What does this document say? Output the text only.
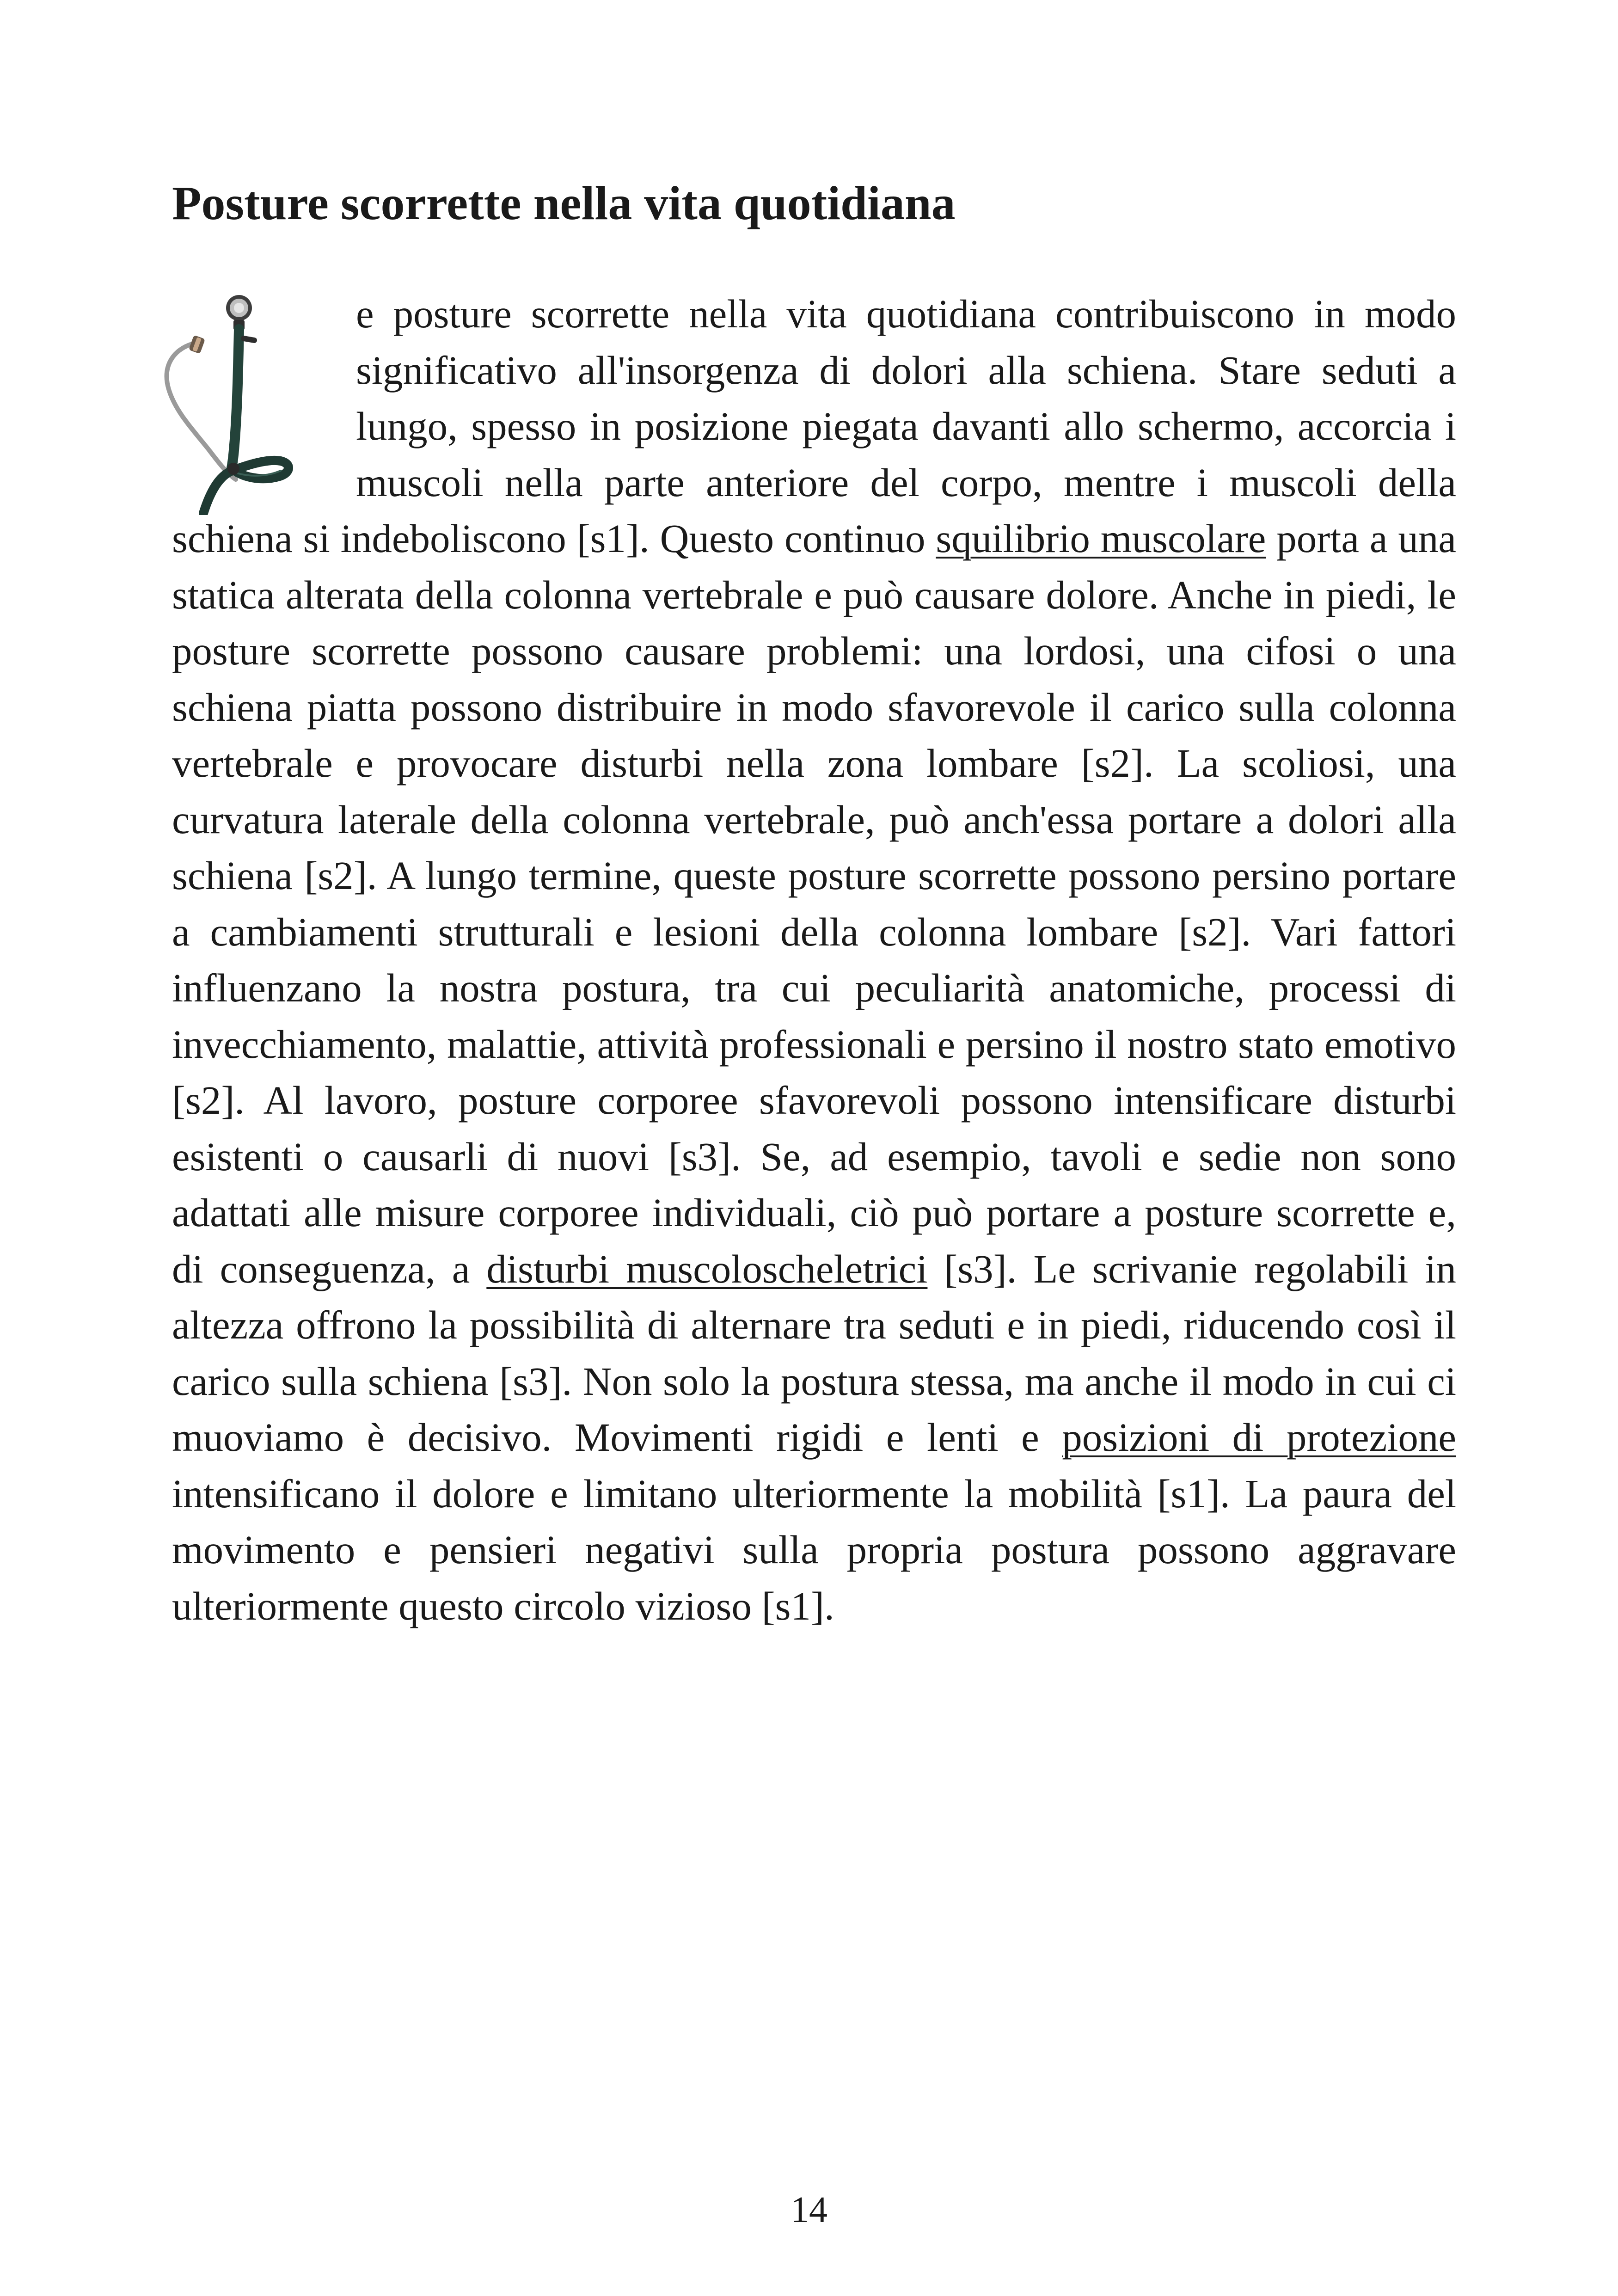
Posture scorrette nella vita quotidiana

e posture scorrette nella vita quotidiana contribuiscono in modo significativo all'insorgenza di dolori alla schiena. Stare seduti a lungo, spesso in posizione piegata davanti allo schermo, accorcia i muscoli nella parte anteriore del corpo, mentre i muscoli della schiena si indeboliscono [s1]. Questo continuo squilibrio muscolare porta a una statica alterata della colonna vertebrale e può causare dolore. Anche in piedi, le posture scorrette possono causare problemi: una lordosi, una cifosi o una schiena piatta possono distribuire in modo sfavorevole il carico sulla colonna vertebrale e provocare disturbi nella zona lombare [s2]. La scoliosi, una curvatura laterale della colonna vertebrale, può anch'essa portare a dolori alla schiena [s2]. A lungo termine, queste posture scorrette possono persino portare a cambiamenti strutturali e lesioni della colonna lombare [s2]. Vari fattori influenzano la nostra postura, tra cui peculiarità anatomiche, processi di invecchiamento, malattie, attività professionali e persino il nostro stato emotivo [s2]. Al lavoro, posture corporee sfavorevoli possono intensificare disturbi esistenti o causarli di nuovi [s3]. Se, ad esempio, tavoli e sedie non sono adattati alle misure corporee individuali, ciò può portare a posture scorrette e, di conseguenza, a disturbi muscoloscheletrici [s3]. Le scrivanie regolabili in altezza offrono la possibilità di alternare tra seduti e in piedi, riducendo così il carico sulla schiena [s3]. Non solo la postura stessa, ma anche il modo in cui ci muoviamo è decisivo. Movimenti rigidi e lenti e posizioni di protezione intensificano il dolore e limitano ulteriormente la mobilità [s1]. La paura del movimento e pensieri negativi sulla propria postura possono aggravare ulteriormente questo circolo vizioso [s1].

14
